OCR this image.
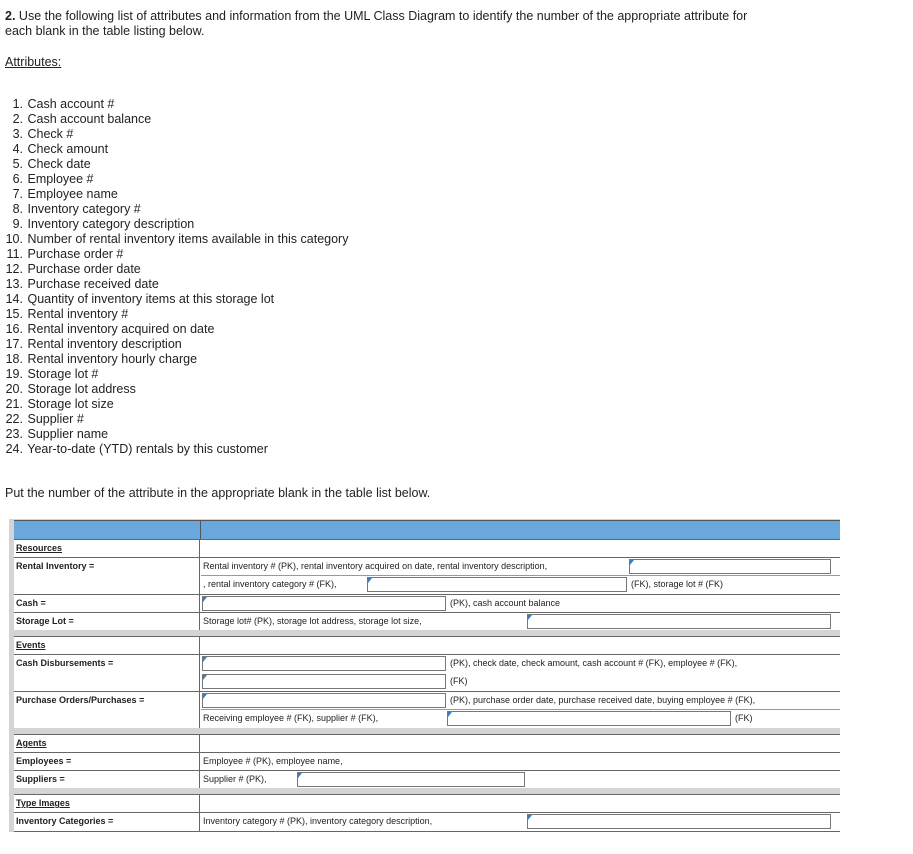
2. Use the following list of attributes and information from the UML Class Diagram to identify the number of the appropriate attribute for each blank in the table listing below.
Attributes:
1. Cash account #
2. Cash account balance
3. Check #
4. Check amount
5. Check date
6. Employee #
7. Employee name
8. Inventory category #
9. Inventory category description
10. Number of rental inventory items available in this category
11. Purchase order #
12. Purchase order date
13. Purchase received date
14. Quantity of inventory items at this storage lot
15. Rental inventory #
16. Rental inventory acquired on date
17. Rental inventory description
18. Rental inventory hourly charge
19. Storage lot #
20. Storage lot address
21. Storage lot size
22. Supplier #
23. Supplier name
24. Year-to-date (YTD) rentals by this customer
Put the number of the attribute in the appropriate blank in the table list below.
Resources
Rental Inventory =	Rental inventory # (PK), rental inventory acquired on date, rental inventory description,
, rental inventory category # (FK),	(FK), storage lot # (FK)
Cash =	(PK), cash account balance
Storage Lot =	Storage lot# (PK), storage lot address, storage lot size,
Events
Cash Disbursements =	(PK), check date, check amount, cash account # (FK), employee # (FK),
(FK)
Purchase Orders/Purchases =	(PK), purchase order date, purchase received date, buying employee # (FK),
Receiving employee # (FK), supplier # (FK),	(FK)
Agents
Employees =	Employee # (PK), employee name,
Suppliers =	Supplier # (PK),
Type Images
Inventory Categories =	Inventory category # (PK), inventory category description,
